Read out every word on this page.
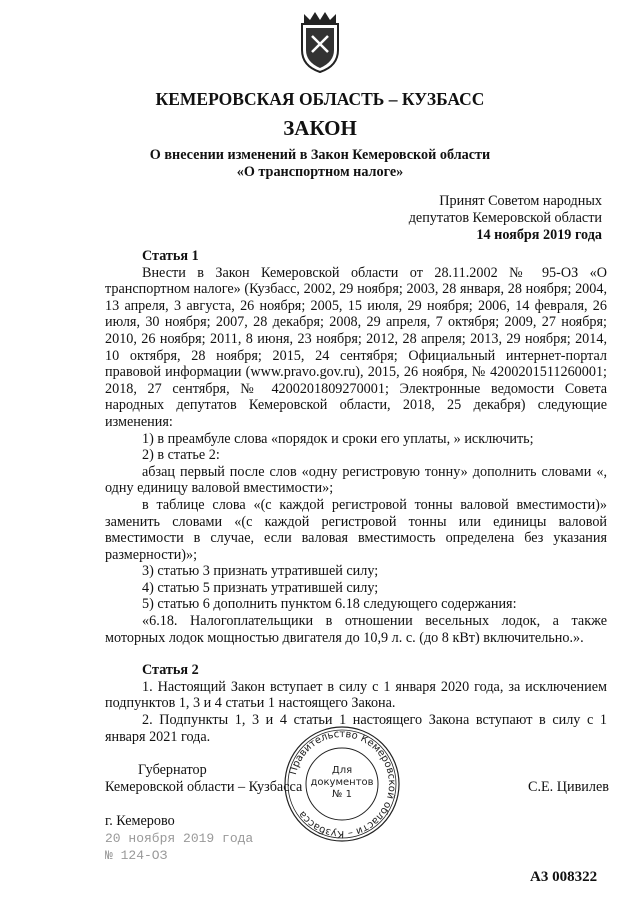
КЕМЕРОВСКАЯ ОБЛАСТЬ – КУЗБАСС
ЗАКОН
О внесении изменений в Закон Кемеровской области
«О транспортном налоге»
Принят Советом народных
депутатов Кемеровской области
14 ноября 2019 года
Статья 1

Внести в Закон Кемеровской области от 28.11.2002 № 95-ОЗ «О транспортном налоге» (Кузбасс, 2002, 29 ноября; 2003, 28 января, 28 ноября; 2004, 13 апреля, 3 августа, 26 ноября; 2005, 15 июля, 29 ноября; 2006, 14 февраля, 26 июля, 30 ноября; 2007, 28 декабря; 2008, 29 апреля, 7 октября; 2009, 27 ноября; 2010, 26 ноября; 2011, 8 июня, 23 ноября; 2012, 28 апреля; 2013, 29 ноября; 2014, 10 октября, 28 ноября; 2015, 24 сентября; Официальный интернет-портал правовой информации (www.pravo.gov.ru), 2015, 26 ноября, № 4200201511260001; 2018, 27 сентября, № 4200201809270001; Электронные ведомости Совета народных депутатов Кемеровской области, 2018, 25 декабря) следующие изменения:

1) в преамбуле слова «порядок и сроки его уплаты, » исключить;

2) в статье 2:

абзац первый после слов «одну регистровую тонну» дополнить словами «, одну единицу валовой вместимости»;

в таблице слова «(с каждой регистровой тонны валовой вместимости)» заменить словами «(с каждой регистровой тонны или единицы валовой вместимости в случае, если валовая вместимость определена без указания размерности)»;

3) статью 3 признать утратившей силу;

4) статью 5 признать утратившей силу;

5) статью 6 дополнить пунктом 6.18 следующего содержания:

«6.18. Налогоплательщики в отношении весельных лодок, а также моторных лодок мощностью двигателя до 10,9 л. с. (до 8 кВт) включительно.».

Статья 2

1. Настоящий Закон вступает в силу с 1 января 2020 года, за исключением подпунктов 1, 3 и 4 статьи 1 настоящего Закона.

2. Подпункты 1, 3 и 4 статьи 1 настоящего Закона вступают в силу с 1 января 2021 года.

Губернатор
Кемеровской области – Кузбасса	С.Е. Цивилев
г. Кемерово
20 ноября 2019 года
№ 124-ОЗ
Правительство Кемеровской области – Кузбасса
Для
документов
№ 1
А3 008322
